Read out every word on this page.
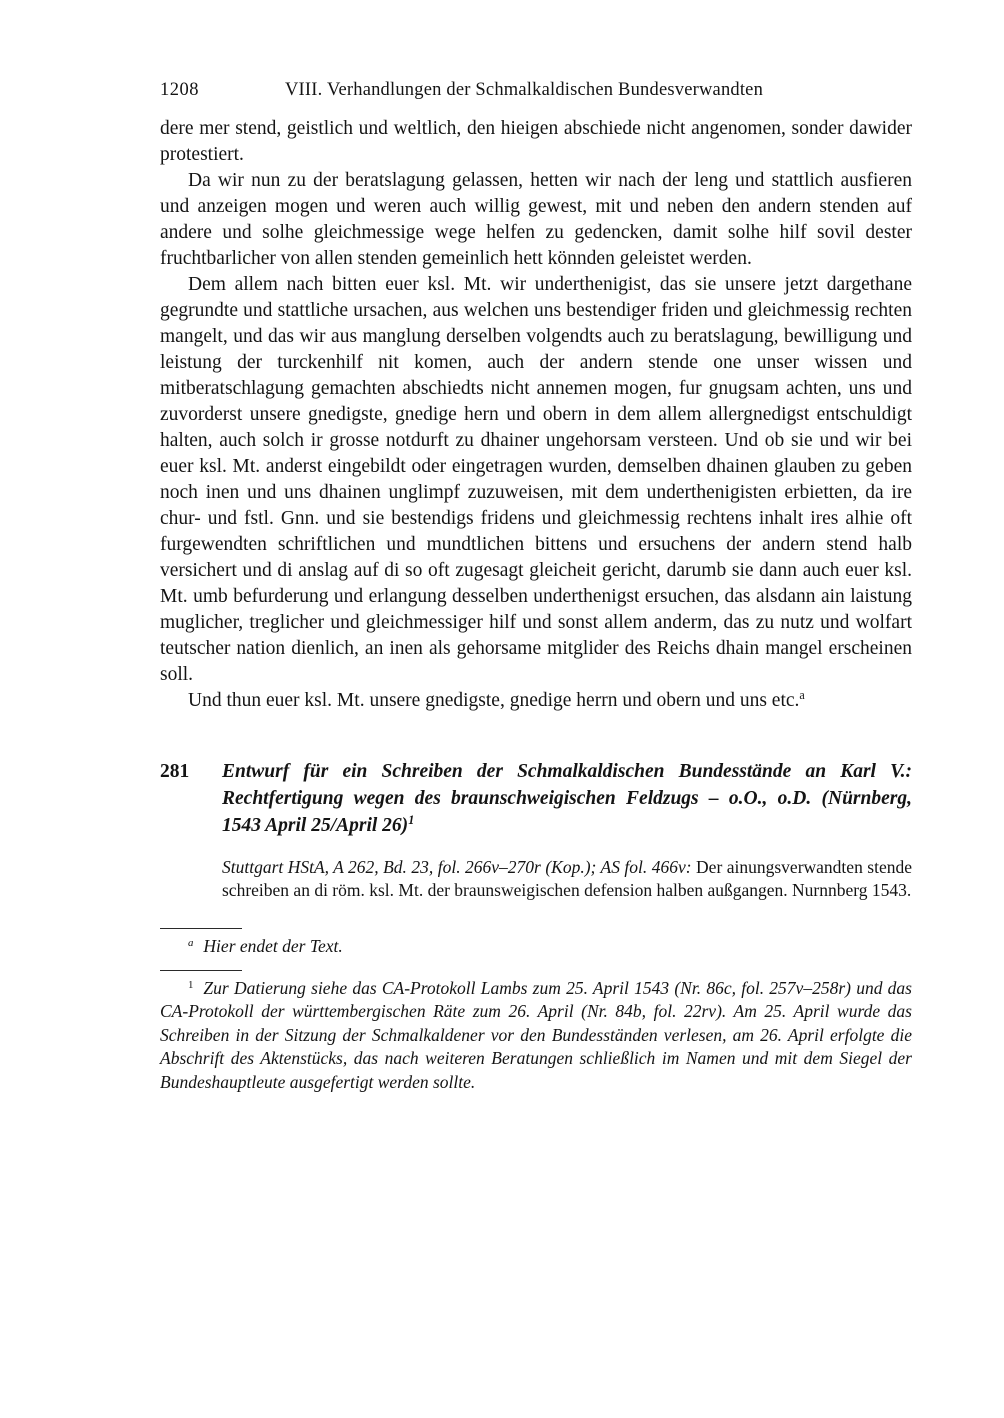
1208	VIII. Verhandlungen der Schmalkaldischen Bundesverwandten

dere mer stend, geistlich und weltlich, den hieigen abschiede nicht angenomen, sonder dawider protestiert.

Da wir nun zu der beratslagung gelassen, hetten wir nach der leng und stattlich ausfieren und anzeigen mogen und weren auch willig gewest, mit und neben den andern stenden auf andere und solhe gleichmessige wege helfen zu gedencken, damit solhe hilf sovil dester fruchtbarlicher von allen stenden gemeinlich hett könnden geleistet werden.

Dem allem nach bitten euer ksl. Mt. wir underthenigist, das sie unsere jetzt dargethane gegrundte und stattliche ursachen, aus welchen uns bestendiger friden und gleichmessig rechten mangelt, und das wir aus manglung derselben volgendts auch zu beratslagung, bewilligung und leistung der turckenhilf nit komen, auch der andern stende one unser wissen und mitberatschlagung gemachten abschiedts nicht annemen mogen, fur gnugsam achten, uns und zuvorderst unsere gnedigste, gnedige hern und obern in dem allem allergnedigst entschuldigt halten, auch solch ir grosse notdurft zu dhainer ungehorsam versteen. Und ob sie und wir bei euer ksl. Mt. anderst eingebildt oder eingetragen wurden, demselben dhainen glauben zu geben noch inen und uns dhainen unglimpf zuzuweisen, mit dem underthenigisten erbietten, da ire chur- und fstl. Gnn. und sie bestendigs fridens und gleichmessig rechtens inhalt ires alhie oft furgewendten schriftlichen und mundtlichen bittens und ersuchens der andern stend halb versichert und di anslag auf di so oft zugesagt gleicheit gericht, darumb sie dann auch euer ksl. Mt. umb befurderung und erlangung desselben underthenigst ersuchen, das alsdann ain laistung muglicher, treglicher und gleichmessiger hilf und sonst allem anderm, das zu nutz und wolfart teutscher nation dienlich, an inen als gehorsame mitglider des Reichs dhain mangel erscheinen soll.

Und thun euer ksl. Mt. unsere gnedigste, gnedige herrn und obern und uns etc.$^a$

281	Entwurf für ein Schreiben der Schmalkaldischen Bundesstände an Karl V.: Rechtfertigung wegen des braunschweigischen Feldzugs – o.O., o.D. (Nürnberg, 1543 April 25/April 26)$^1$
Stuttgart HStA, A 262, Bd. 23, fol. 266v–270r (Kop.); AS fol. 466v: Der ainungsverwandten stende schreiben an di röm. ksl. Mt. der braunsweigischen defension halben außgangen. Nurnnberg 1543.
$^a$ Hier endet der Text.

$^1$ Zur Datierung siehe das CA-Protokoll Lambs zum 25. April 1543 (Nr. 86c, fol. 257v–258r) und das CA-Protokoll der württembergischen Räte zum 26. April (Nr. 84b, fol. 22rv). Am 25. April wurde das Schreiben in der Sitzung der Schmalkaldener vor den Bundesständen verlesen, am 26. April erfolgte die Abschrift des Aktenstücks, das nach weiteren Beratungen schließlich im Namen und mit dem Siegel der Bundeshauptleute ausgefertigt werden sollte.
